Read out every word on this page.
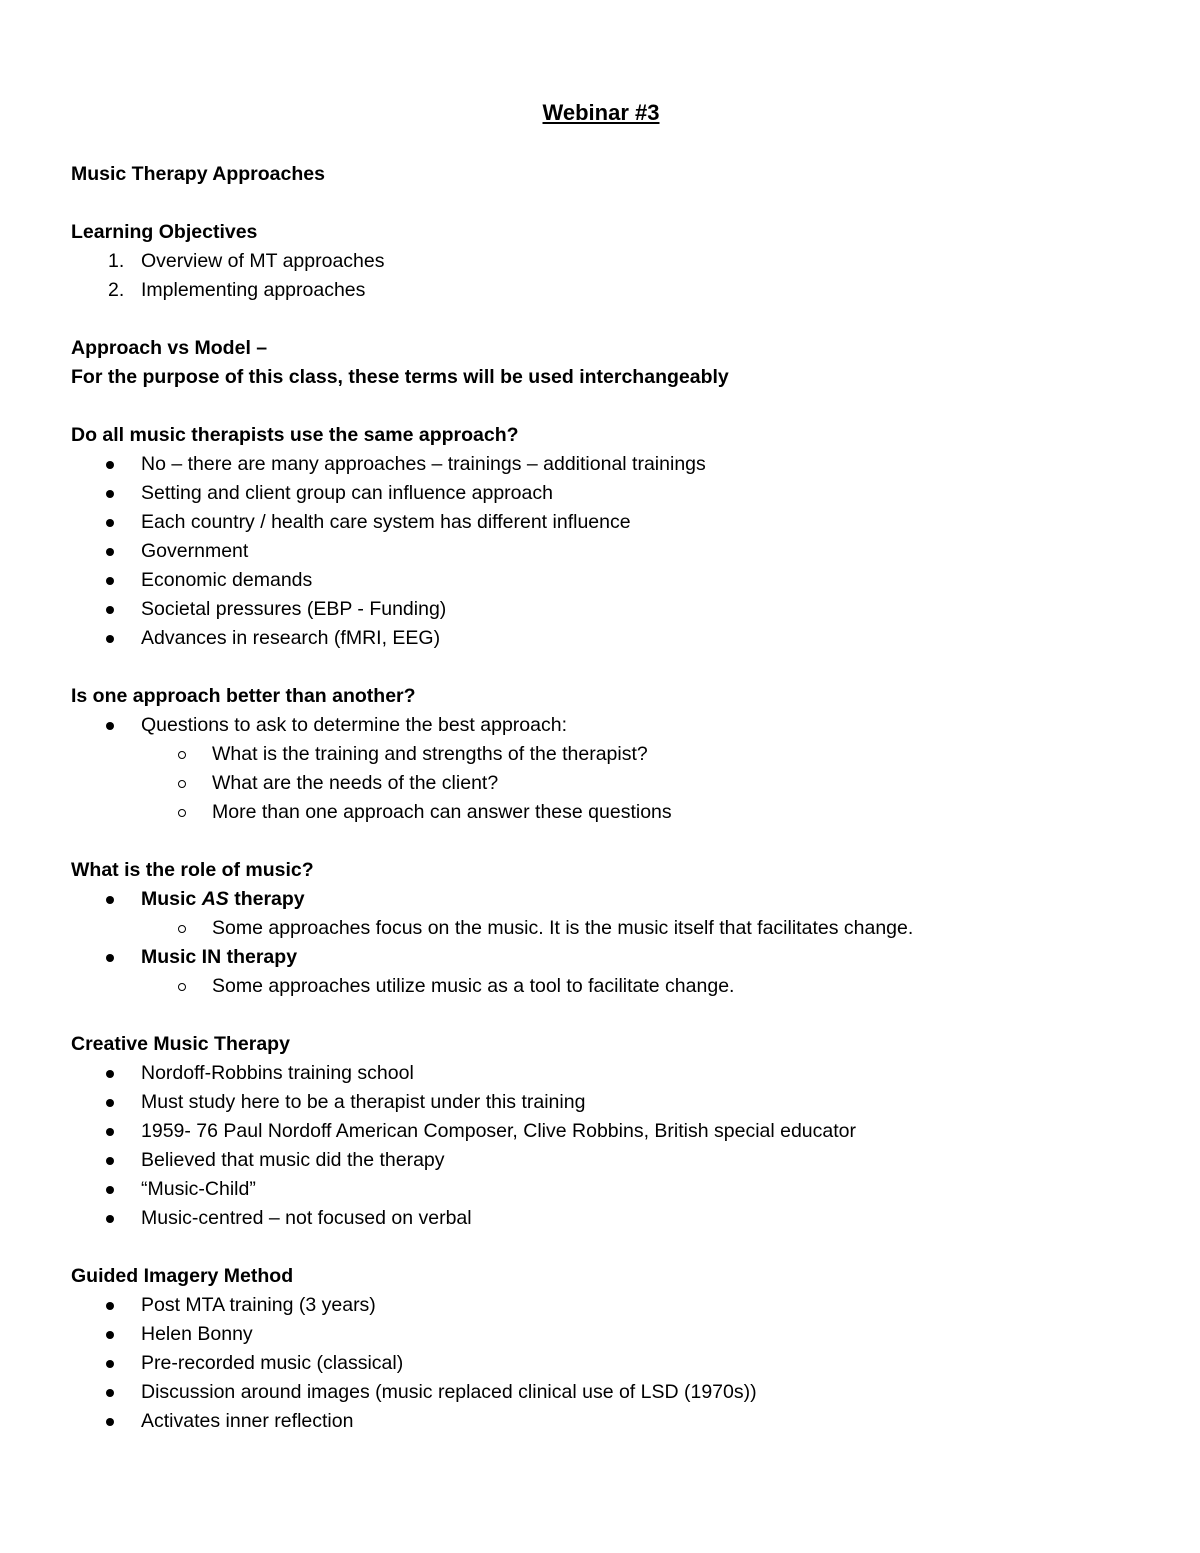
Webinar #3
Music Therapy Approaches
Learning Objectives
1. Overview of MT approaches
2. Implementing approaches
Approach vs Model –
For the purpose of this class, these terms will be used interchangeably
Do all music therapists use the same approach?
No – there are many approaches – trainings – additional trainings
Setting and client group can influence approach
Each country / health care system has different influence
Government
Economic demands
Societal pressures (EBP - Funding)
Advances in research (fMRI, EEG)
Is one approach better than another?
Questions to ask to determine the best approach:
What is the training and strengths of the therapist?
What are the needs of the client?
More than one approach can answer these questions
What is the role of music?
Music AS therapy
Some approaches focus on the music. It is the music itself that facilitates change.
Music IN therapy
Some approaches utilize music as a tool to facilitate change.
Creative Music Therapy
Nordoff-Robbins training school
Must study here to be a therapist under this training
1959- 76 Paul Nordoff American Composer, Clive Robbins, British special educator
Believed that music did the therapy
“Music-Child”
Music-centred – not focused on verbal
Guided Imagery Method
Post MTA training (3 years)
Helen Bonny
Pre-recorded music (classical)
Discussion around images (music replaced clinical use of LSD (1970s))
Activates inner reflection
